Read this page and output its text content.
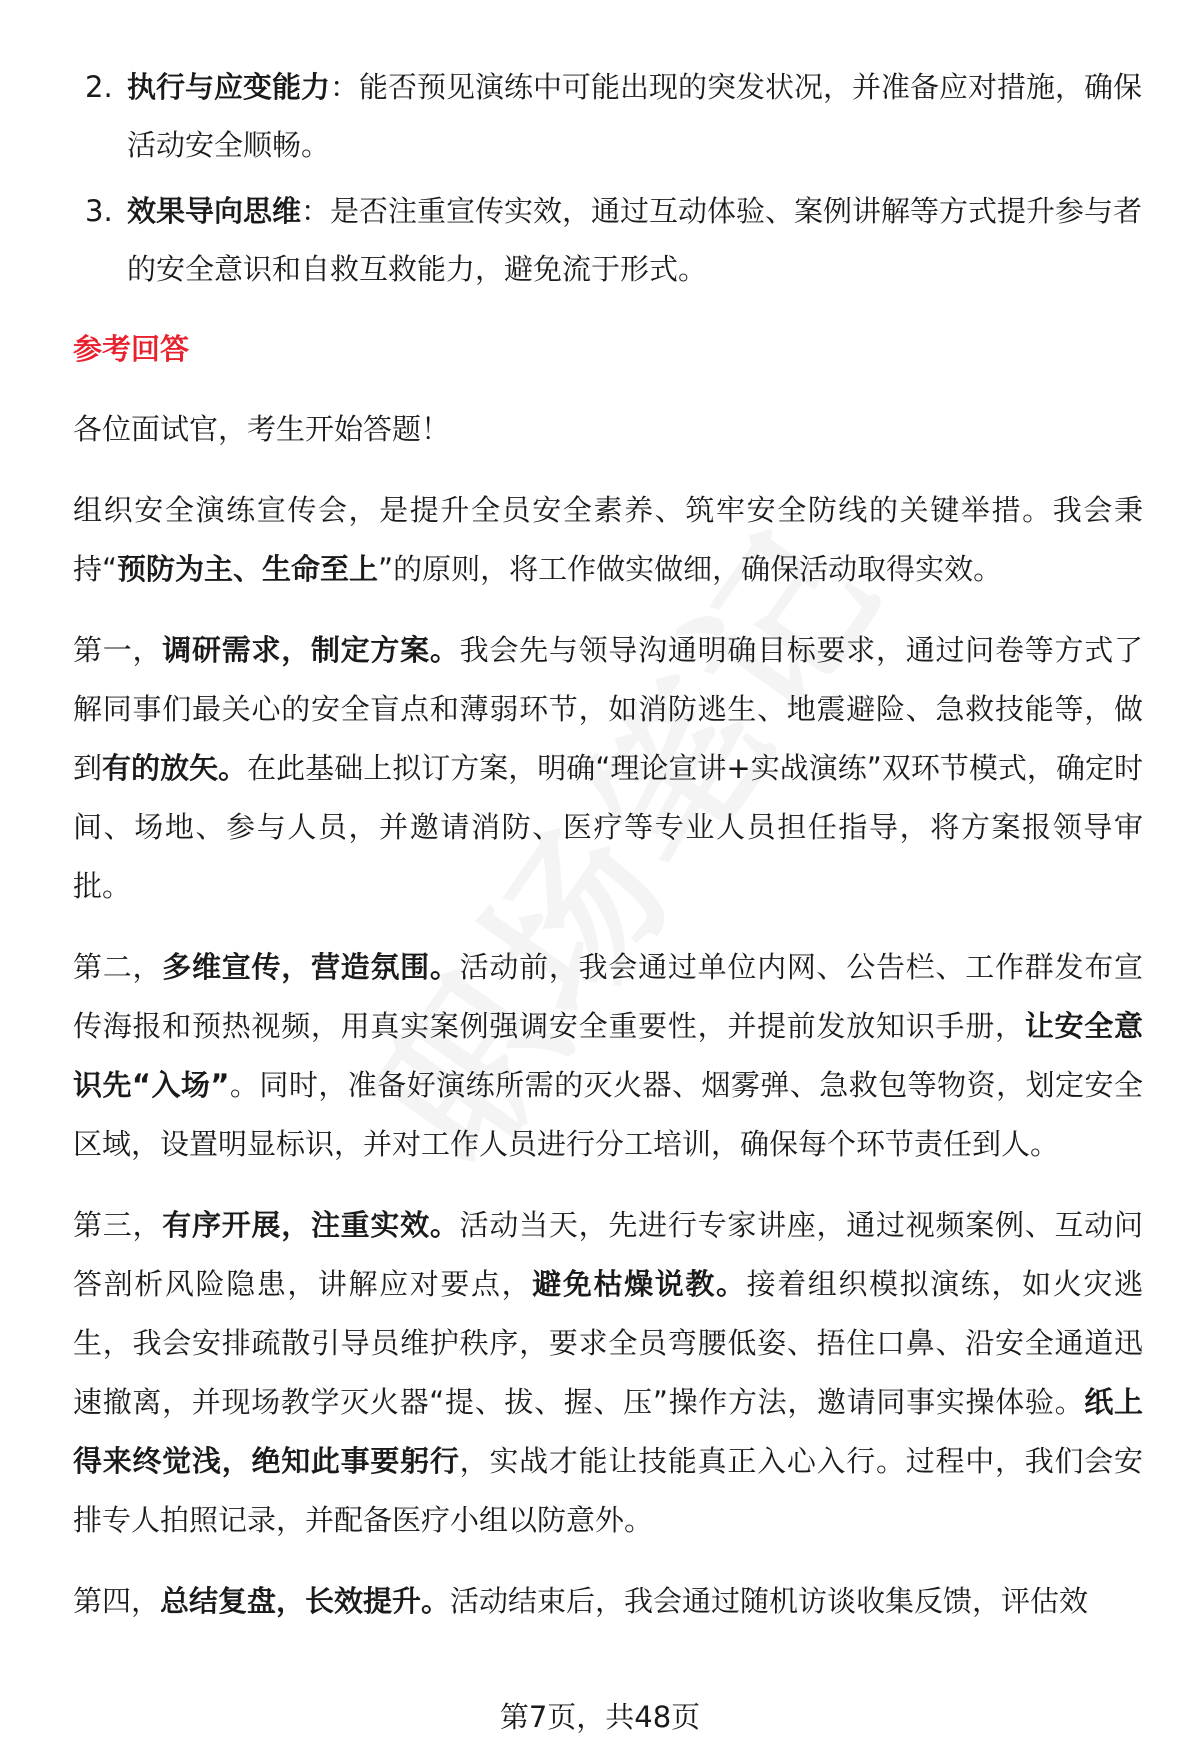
2. 执行与应变能力：能否预见演练中可能出现的突发状况，并准备应对措施，确保活动安全顺畅。
3. 效果导向思维：是否注重宣传实效，通过互动体验、案例讲解等方式提升参与者的安全意识和自救互救能力，避免流于形式。
参考回答
各位面试官，考生开始答题！
组织安全演练宣传会，是提升全员安全素养、筑牢安全防线的关键举措。我会秉持“预防为主、生命至上”的原则，将工作做实做细，确保活动取得实效。
第一，调研需求，制定方案。我会先与领导沟通明确目标要求，通过问卷等方式了解同事们最关心的安全盲点和薄弱环节，如消防逃生、地震避险、急救技能等，做到有的放矢。在此基础上拟订方案，明确“理论宣讲+实战演练”双环节模式，确定时间、场地、参与人员，并邀请消防、医疗等专业人员担任指导，将方案报领导审批。
第二，多维宣传，营造氛围。活动前，我会通过单位内网、公告栏、工作群发布宣传海报和预热视频，用真实案例强调安全重要性，并提前发放知识手册，让安全意识先“入场”。同时，准备好演练所需的灭火器、烟雾弹、急救包等物资，划定安全区域，设置明显标识，并对工作人员进行分工培训，确保每个环节责任到人。
第三，有序开展，注重实效。活动当天，先进行专家讲座，通过视频案例、互动问答剖析风险隐患，讲解应对要点，避免枯燥说教。接着组织模拟演练，如火灾逃生，我会安排疏散引导员维护秩序，要求全员弯腰低姿、捂住口鼻、沿安全通道迅速撤离，并现场教学灭火器“提、拔、握、压”操作方法，邀请同事实操体验。纸上得来终觉浅，绝知此事要躬行，实战才能让技能真正入心入行。过程中，我们会安排专人拍照记录，并配备医疗小组以防意外。
第四，总结复盘，长效提升。活动结束后，我会通过随机访谈收集反馈，评估效
第7页，共48页
